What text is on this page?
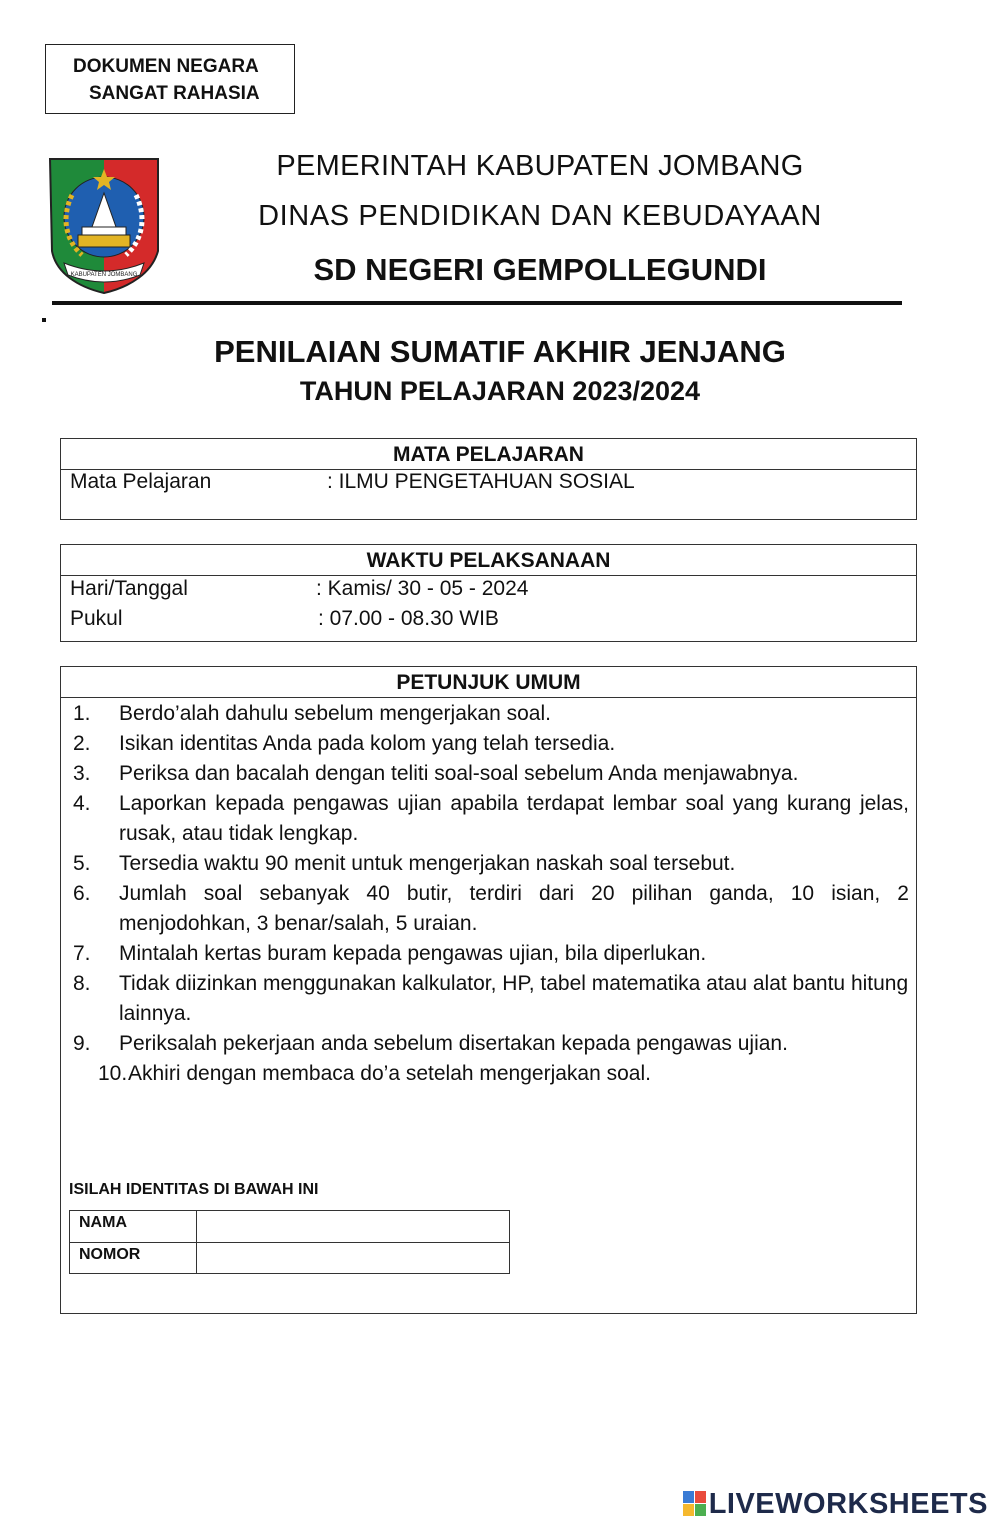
DOKUMEN NEGARA
SANGAT RAHASIA
KABUPATEN JOMBANG
PEMERINTAH KABUPATEN JOMBANG
DINAS PENDIDIKAN DAN KEBUDAYAAN
SD NEGERI GEMPOLLEGUNDI
PENILAIAN SUMATIF AKHIR JENJANG
TAHUN PELAJARAN 2023/2024
MATA PELAJARAN
Mata Pelajaran	: ILMU PENGETAHUAN SOSIAL
WAKTU PELAKSANAAN
Hari/Tanggal	: Kamis/ 30 - 05 - 2024
Pukul	: 07.00 - 08.30 WIB
PETUNJUK UMUM
1. Berdo’alah dahulu sebelum mengerjakan soal.
2. Isikan identitas Anda pada kolom yang telah tersedia.
3. Periksa dan bacalah dengan teliti soal-soal sebelum Anda menjawabnya.
4. Laporkan kepada pengawas ujian apabila terdapat lembar soal yang kurang jelas, rusak, atau tidak lengkap.
5. Tersedia waktu 90 menit untuk mengerjakan naskah soal tersebut.
6. Jumlah soal sebanyak 40 butir, terdiri dari 20 pilihan ganda, 10 isian, 2 menjodohkan, 3 benar/salah, 5 uraian.
7. Mintalah kertas buram kepada pengawas ujian, bila diperlukan.
8. Tidak diizinkan menggunakan kalkulator, HP, tabel matematika atau alat bantu hitung lainnya.
9. Periksalah pekerjaan anda sebelum disertakan kepada pengawas ujian.
10. Akhiri dengan membaca do’a setelah mengerjakan soal.
ISILAH IDENTITAS DI BAWAH INI
NAMA
NOMOR
LIVEWORKSHEETS
